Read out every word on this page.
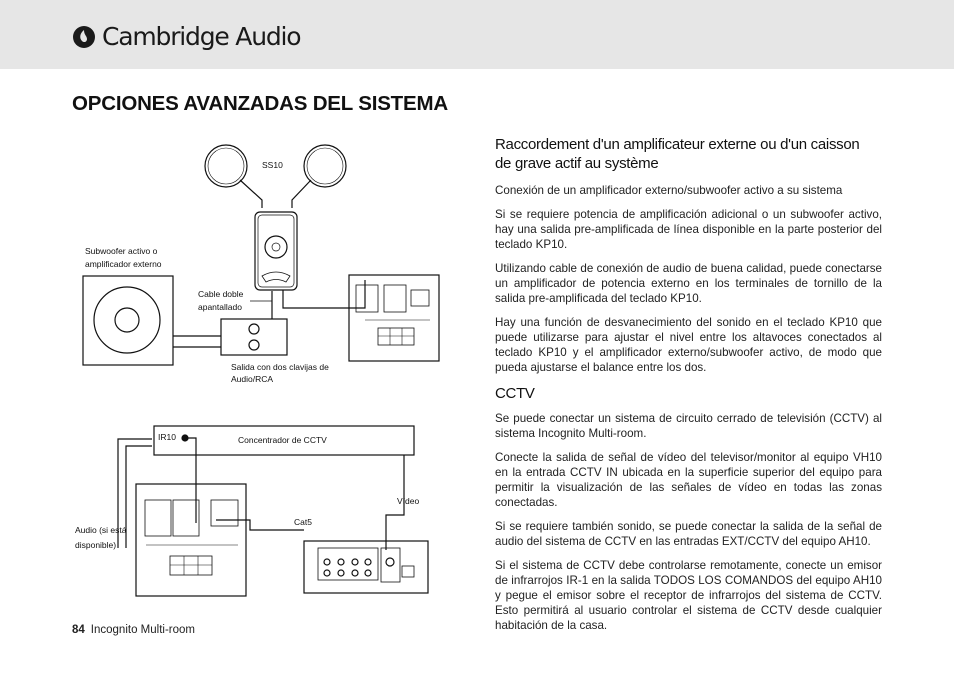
Cambridge Audio
OPCIONES AVANZADAS DEL SISTEMA
SS10
Subwoofer activo o
amplificador externo
Cable doble
apantallado
Salida con dos clavijas de
Audio/RCA
IR10	Concentrador de CCTV
Vídeo
Cat5
Audio (si está
disponible)
Raccordement d'un amplificateur externe ou d'un caisson
de grave actif au système

Conexión de un amplificador externo/subwoofer activo a su sistema

Si se requiere potencia de amplificación adicional o un subwoofer activo, hay una salida pre-amplificada de línea disponible en la parte posterior del teclado KP10.

Utilizando cable de conexión de audio de buena calidad, puede conectarse un amplificador de potencia externo en los terminales de tornillo de la salida pre-amplificada del teclado KP10.

Hay una función de desvanecimiento del sonido en el teclado KP10 que puede utilizarse para ajustar el nivel entre los altavoces conectados al teclado KP10 y el amplificador externo/subwoofer activo, de modo que pueda ajustarse el balance entre los dos.

CCTV

Se puede conectar un sistema de circuito cerrado de televisión (CCTV) al sistema Incognito Multi-room.

Conecte la salida de señal de vídeo del televisor/monitor al equipo VH10 en la entrada CCTV IN ubicada en la superficie superior del equipo para permitir la visualización de las señales de vídeo en todas las zonas conectadas.

Si se requiere también sonido, se puede conectar la salida de la señal de audio del sistema de CCTV en las entradas EXT/CCTV del equipo AH10.

Si el sistema de CCTV debe controlarse remotamente, conecte un emisor de infrarrojos IR-1 en la salida TODOS LOS COMANDOS del equipo AH10 y pegue el emisor sobre el receptor de infrarrojos del sistema de CCTV. Esto permitirá al usuario controlar el sistema de CCTV desde cualquier habitación de la casa.

84 Incognito Multi-room
